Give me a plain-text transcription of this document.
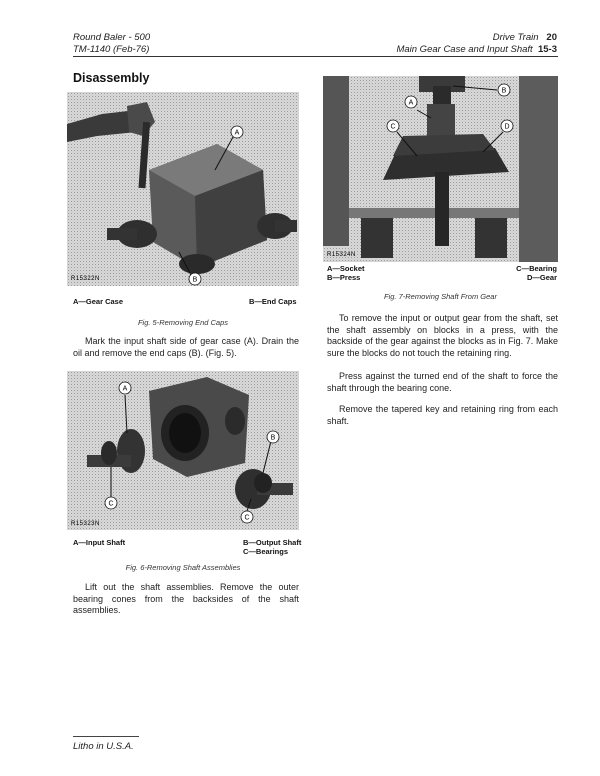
Round Baler - 500
TM-1140 (Feb-76)
Drive Train 20
Main Gear Case and Input Shaft 15-3
Disassembly
A
B
R15322N
A—Gear Case	B—End Caps
Fig. 5-Removing End Caps

Mark the input shaft side of gear case (A). Drain the oil and remove the end caps (B). (Fig. 5).

A
B
C
C
R15323N
A—Input Shaft	B—Output Shaft
C—Bearings
Fig. 6-Removing Shaft Assemblies

Lift out the shaft assemblies. Remove the outer bearing cones from the backsides of the shaft assemblies.

A
B
C	D
R15324N
A—Socket
B—Press
C—Bearing
D—Gear
Fig. 7-Removing Shaft From Gear

To remove the input or output gear from the shaft, set the shaft assembly on blocks in a press, with the backside of the gear against the blocks as in Fig. 7. Make sure the blocks do not touch the retaining ring.

Press against the turned end of the shaft to force the shaft through the bearing cone.

Remove the tapered key and retaining ring from each shaft.

Litho in U.S.A.
